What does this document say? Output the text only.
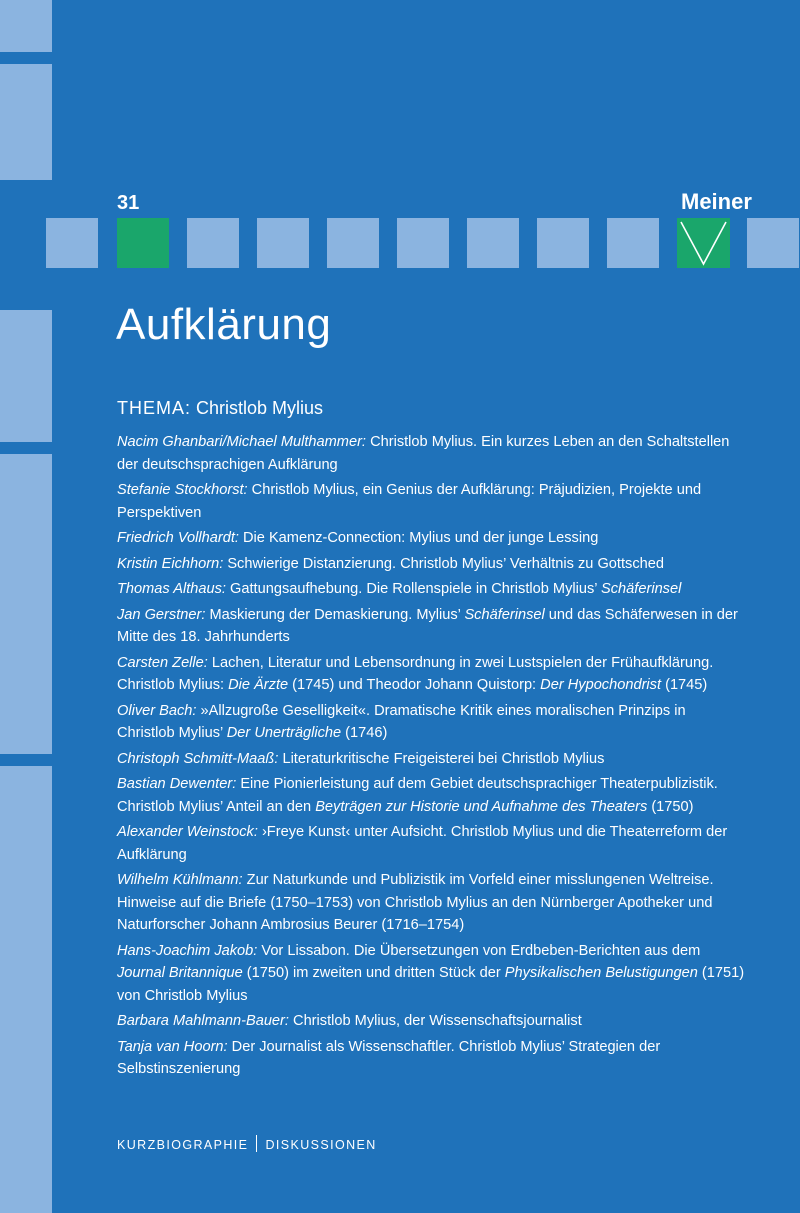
31	Meiner
Aufklärung
THEMA: Christlob Mylius
Nacim Ghanbari/Michael Multhammer: Christlob Mylius. Ein kurzes Leben an den Schaltstellen der deutschsprachigen Aufklärung
Stefanie Stockhorst: Christlob Mylius, ein Genius der Aufklärung: Präjudizien, Projekte und Perspektiven
Friedrich Vollhardt: Die Kamenz-Connection: Mylius und der junge Lessing
Kristin Eichhorn: Schwierige Distanzierung. Christlob Mylius’ Verhältnis zu Gottsched
Thomas Althaus: Gattungsaufhebung. Die Rollenspiele in Christlob Mylius’ Schäferinsel
Jan Gerstner: Maskierung der Demaskierung. Mylius’ Schäferinsel und das Schäferwesen in der Mitte des 18. Jahrhunderts
Carsten Zelle: Lachen, Literatur und Lebensordnung in zwei Lustspielen der Frühaufklärung. Christlob Mylius: Die Ärzte (1745) und Theodor Johann Quistorp: Der Hypochondrist (1745)
Oliver Bach: »Allzugroße Geselligkeit«. Dramatische Kritik eines moralischen Prinzips in Christlob Mylius’ Der Unerträgliche (1746)
Christoph Schmitt-Maaß: Literaturkritische Freigeisterei bei Christlob Mylius
Bastian Dewenter: Eine Pionierleistung auf dem Gebiet deutschsprachiger Theaterpublizistik. Christlob Mylius’ Anteil an den Beyträgen zur Historie und Aufnahme des Theaters (1750)
Alexander Weinstock: ›Freye Kunst‹ unter Aufsicht. Christlob Mylius und die Theaterreform der Aufklärung
Wilhelm Kühlmann: Zur Naturkunde und Publizistik im Vorfeld einer misslungenen Weltreise. Hinweise auf die Briefe (1750–1753) von Christlob Mylius an den Nürnberger Apotheker und Naturforscher Johann Ambrosius Beurer (1716–1754)
Hans-Joachim Jakob: Vor Lissabon. Die Übersetzungen von Erdbeben-Berichten aus dem Journal Britannique (1750) im zweiten und dritten Stück der Physikalischen Belustigungen (1751) von Christlob Mylius
Barbara Mahlmann-Bauer: Christlob Mylius, der Wissenschaftsjournalist
Tanja van Hoorn: Der Journalist als Wissenschaftler. Christlob Mylius’ Strategien der Selbstinszenierung
KURZBIOGRAPHIE DISKUSSIONEN
